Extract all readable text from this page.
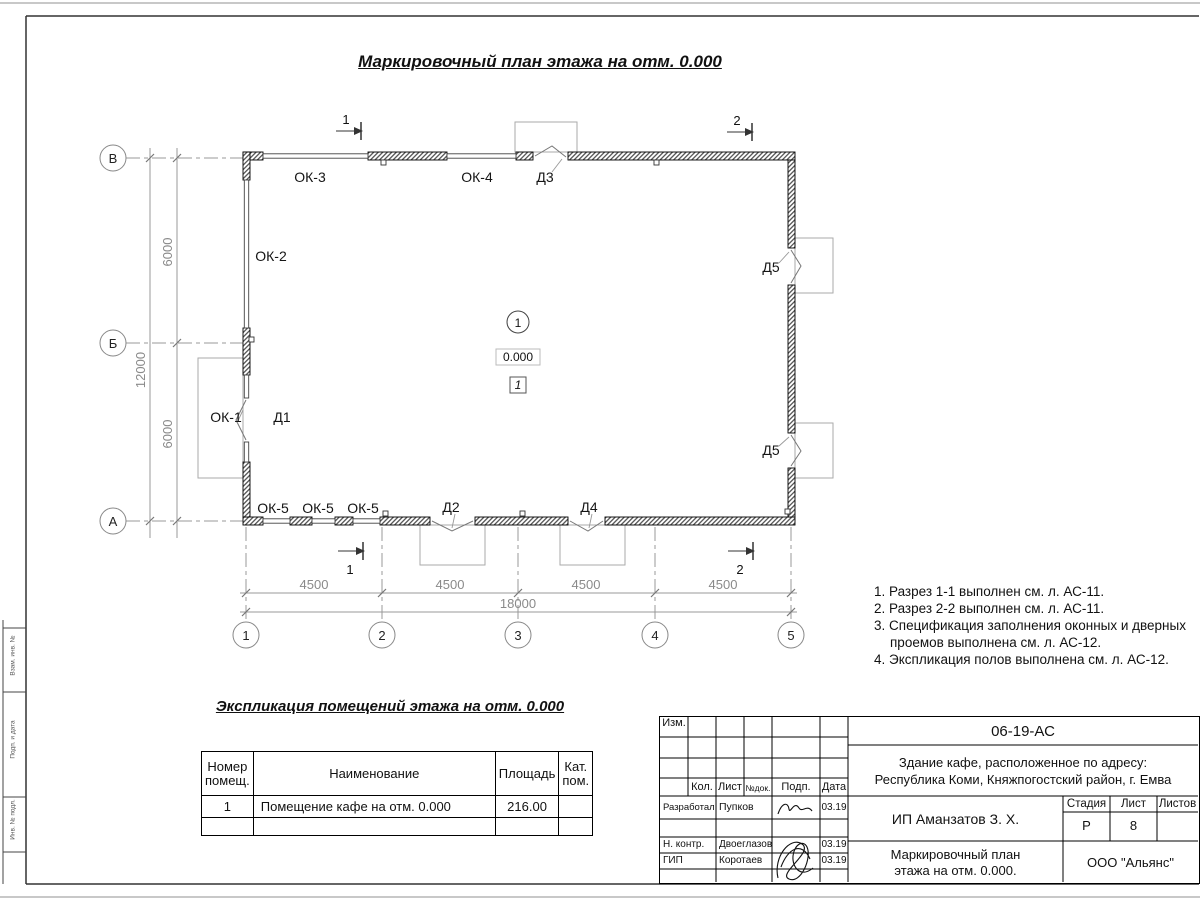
12000
6000
6000
4500	4500	4500	4500
18000
В
Б
А
1	2	3	4	5
1	2
1	2
1
0.000
1
ОК-3	ОК-4	Д3
ОК-2
Д5
Д5
ОК-1 Д1
ОК-5 ОК-5 ОК-5	Д2	Д4
Маркировочный план этажа на отм. 0.000
1. Разрез 1-1 выполнен см. л. АС-11.
2. Разрез 2-2 выполнен см. л. АС-11.
3. Спецификация заполнения оконных и дверных проемов выполнена см. л. АС-12.
4. Экспликация полов выполнена см. л. АС-12.
Экспликация помещений этажа на отм. 0.000
Номер
помещ.	Наименование	Площадь	Кат.
пом.

1	Помещение кафе на отм. 0.000	216.00	

Изм.
Кол. Лист №док. Подп.	Дата
Разработал Пупков	03.19
Н. контр.	Двоеглазов	03.19
ГИП	Коротаев	03.19
06-19-АС
Здание кафе, расположенное по адресу:
Республика Коми, Княжпогостский район, г. Емва
ИП Аманзатов З. Х.
Стадия	Лист	Листов
Р	8
Маркировочный план
этажа на отм. 0.000.
ООО "Альянс"
Взам. инв. №
Подп. и дата
Инв. № подл.
